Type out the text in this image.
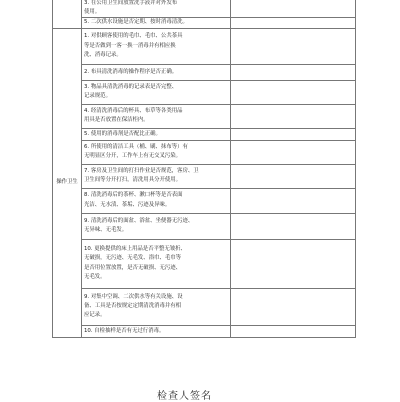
	3. 在公用卫生间放置洗手液并对外发布
使用。	

	5. 二次供水设施是否定期、按时消毒清洗。	

操作卫生	1. 对供顾客使用的毛巾、毛巾、公共茶具
等是否做到一客一换一消毒并有相应换
洗、消毒记录。	

	2. 布具清洗消毒的操作程序是否正确。	

	3. 物品具清洗消毒的记录表是否完整、
记录规范。	

	4. 经清洗消毒后的杯具、布草等各类用品
用具是否放置在保洁柜内。	

	5. 使用的消毒剂是否配比正确。	

	6. 所使用的清洁工具（桶、刷、抹布等）有
无明显区分开，工作车上有无交叉污染。	

	7. 客房及卫生间的打扫作业是否规范，客房、卫
卫生间等分开打扫，清洗用具分开使用。	

	8. 清洗消毒后的茶杯、漱口杯等是否表面
光洁、无水渍、茶垢、污迹及异味。	

	9. 清洗消毒后的面盆、浴盆、坐便器无污迹、
无异味、无毛发。	

	10. 更换提供的床上用品是否平整无皱折、
无破损，无污迹、无毛发、浴巾、毛巾等
是否用位置放置，是否无破损、无污迹、
无毛发。	

	9. 对集中空调、二次供水等有关设施、设
备、工具是否按规定定期清洗消毒并有相
应记录。	

	10. 自检抽样是否有无过行消毒。	

检查人签名
